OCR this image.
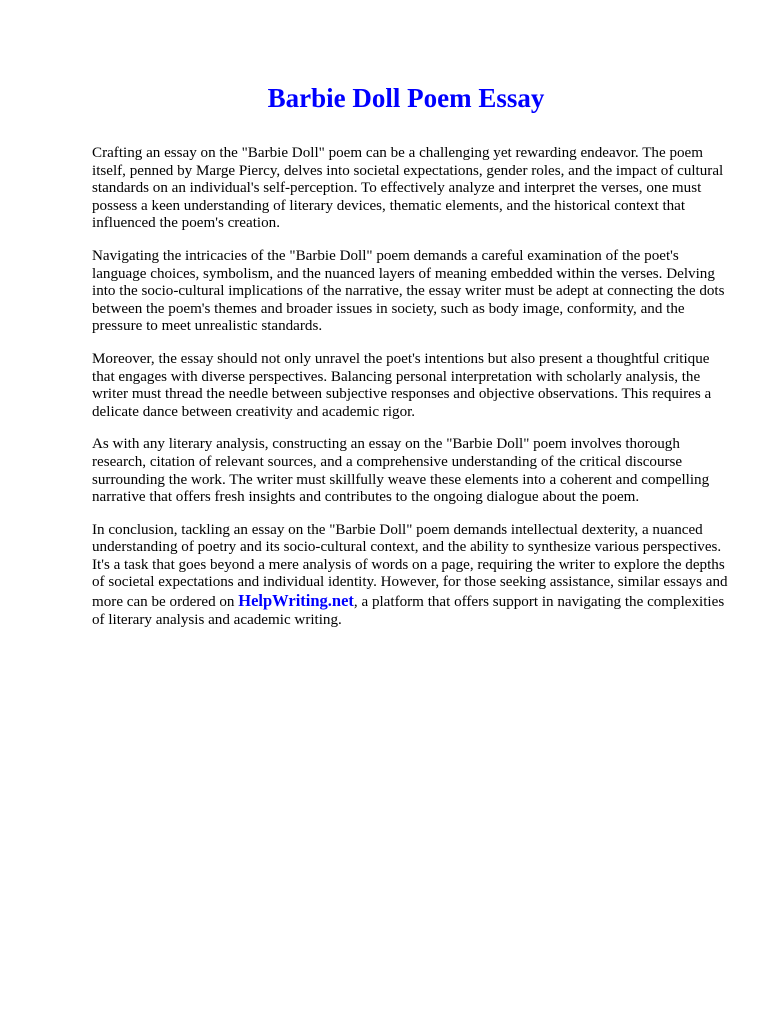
Barbie Doll Poem Essay

Crafting an essay on the "Barbie Doll" poem can be a challenging yet rewarding endeavor. The poem itself, penned by Marge Piercy, delves into societal expectations, gender roles, and the impact of cultural standards on an individual's self-perception. To effectively analyze and interpret the verses, one must possess a keen understanding of literary devices, thematic elements, and the historical context that influenced the poem's creation.

Navigating the intricacies of the "Barbie Doll" poem demands a careful examination of the poet's language choices, symbolism, and the nuanced layers of meaning embedded within the verses. Delving into the socio-cultural implications of the narrative, the essay writer must be adept at connecting the dots between the poem's themes and broader issues in society, such as body image, conformity, and the pressure to meet unrealistic standards.

Moreover, the essay should not only unravel the poet's intentions but also present a thoughtful critique that engages with diverse perspectives. Balancing personal interpretation with scholarly analysis, the writer must thread the needle between subjective responses and objective observations. This requires a delicate dance between creativity and academic rigor.

As with any literary analysis, constructing an essay on the "Barbie Doll" poem involves thorough research, citation of relevant sources, and a comprehensive understanding of the critical discourse surrounding the work. The writer must skillfully weave these elements into a coherent and compelling narrative that offers fresh insights and contributes to the ongoing dialogue about the poem.

In conclusion, tackling an essay on the "Barbie Doll" poem demands intellectual dexterity, a nuanced understanding of poetry and its socio-cultural context, and the ability to synthesize various perspectives. It's a task that goes beyond a mere analysis of words on a page, requiring the writer to explore the depths of societal expectations and individual identity. However, for those seeking assistance, similar essays and more can be ordered on HelpWriting.net, a platform that offers support in navigating the complexities of literary analysis and academic writing.
